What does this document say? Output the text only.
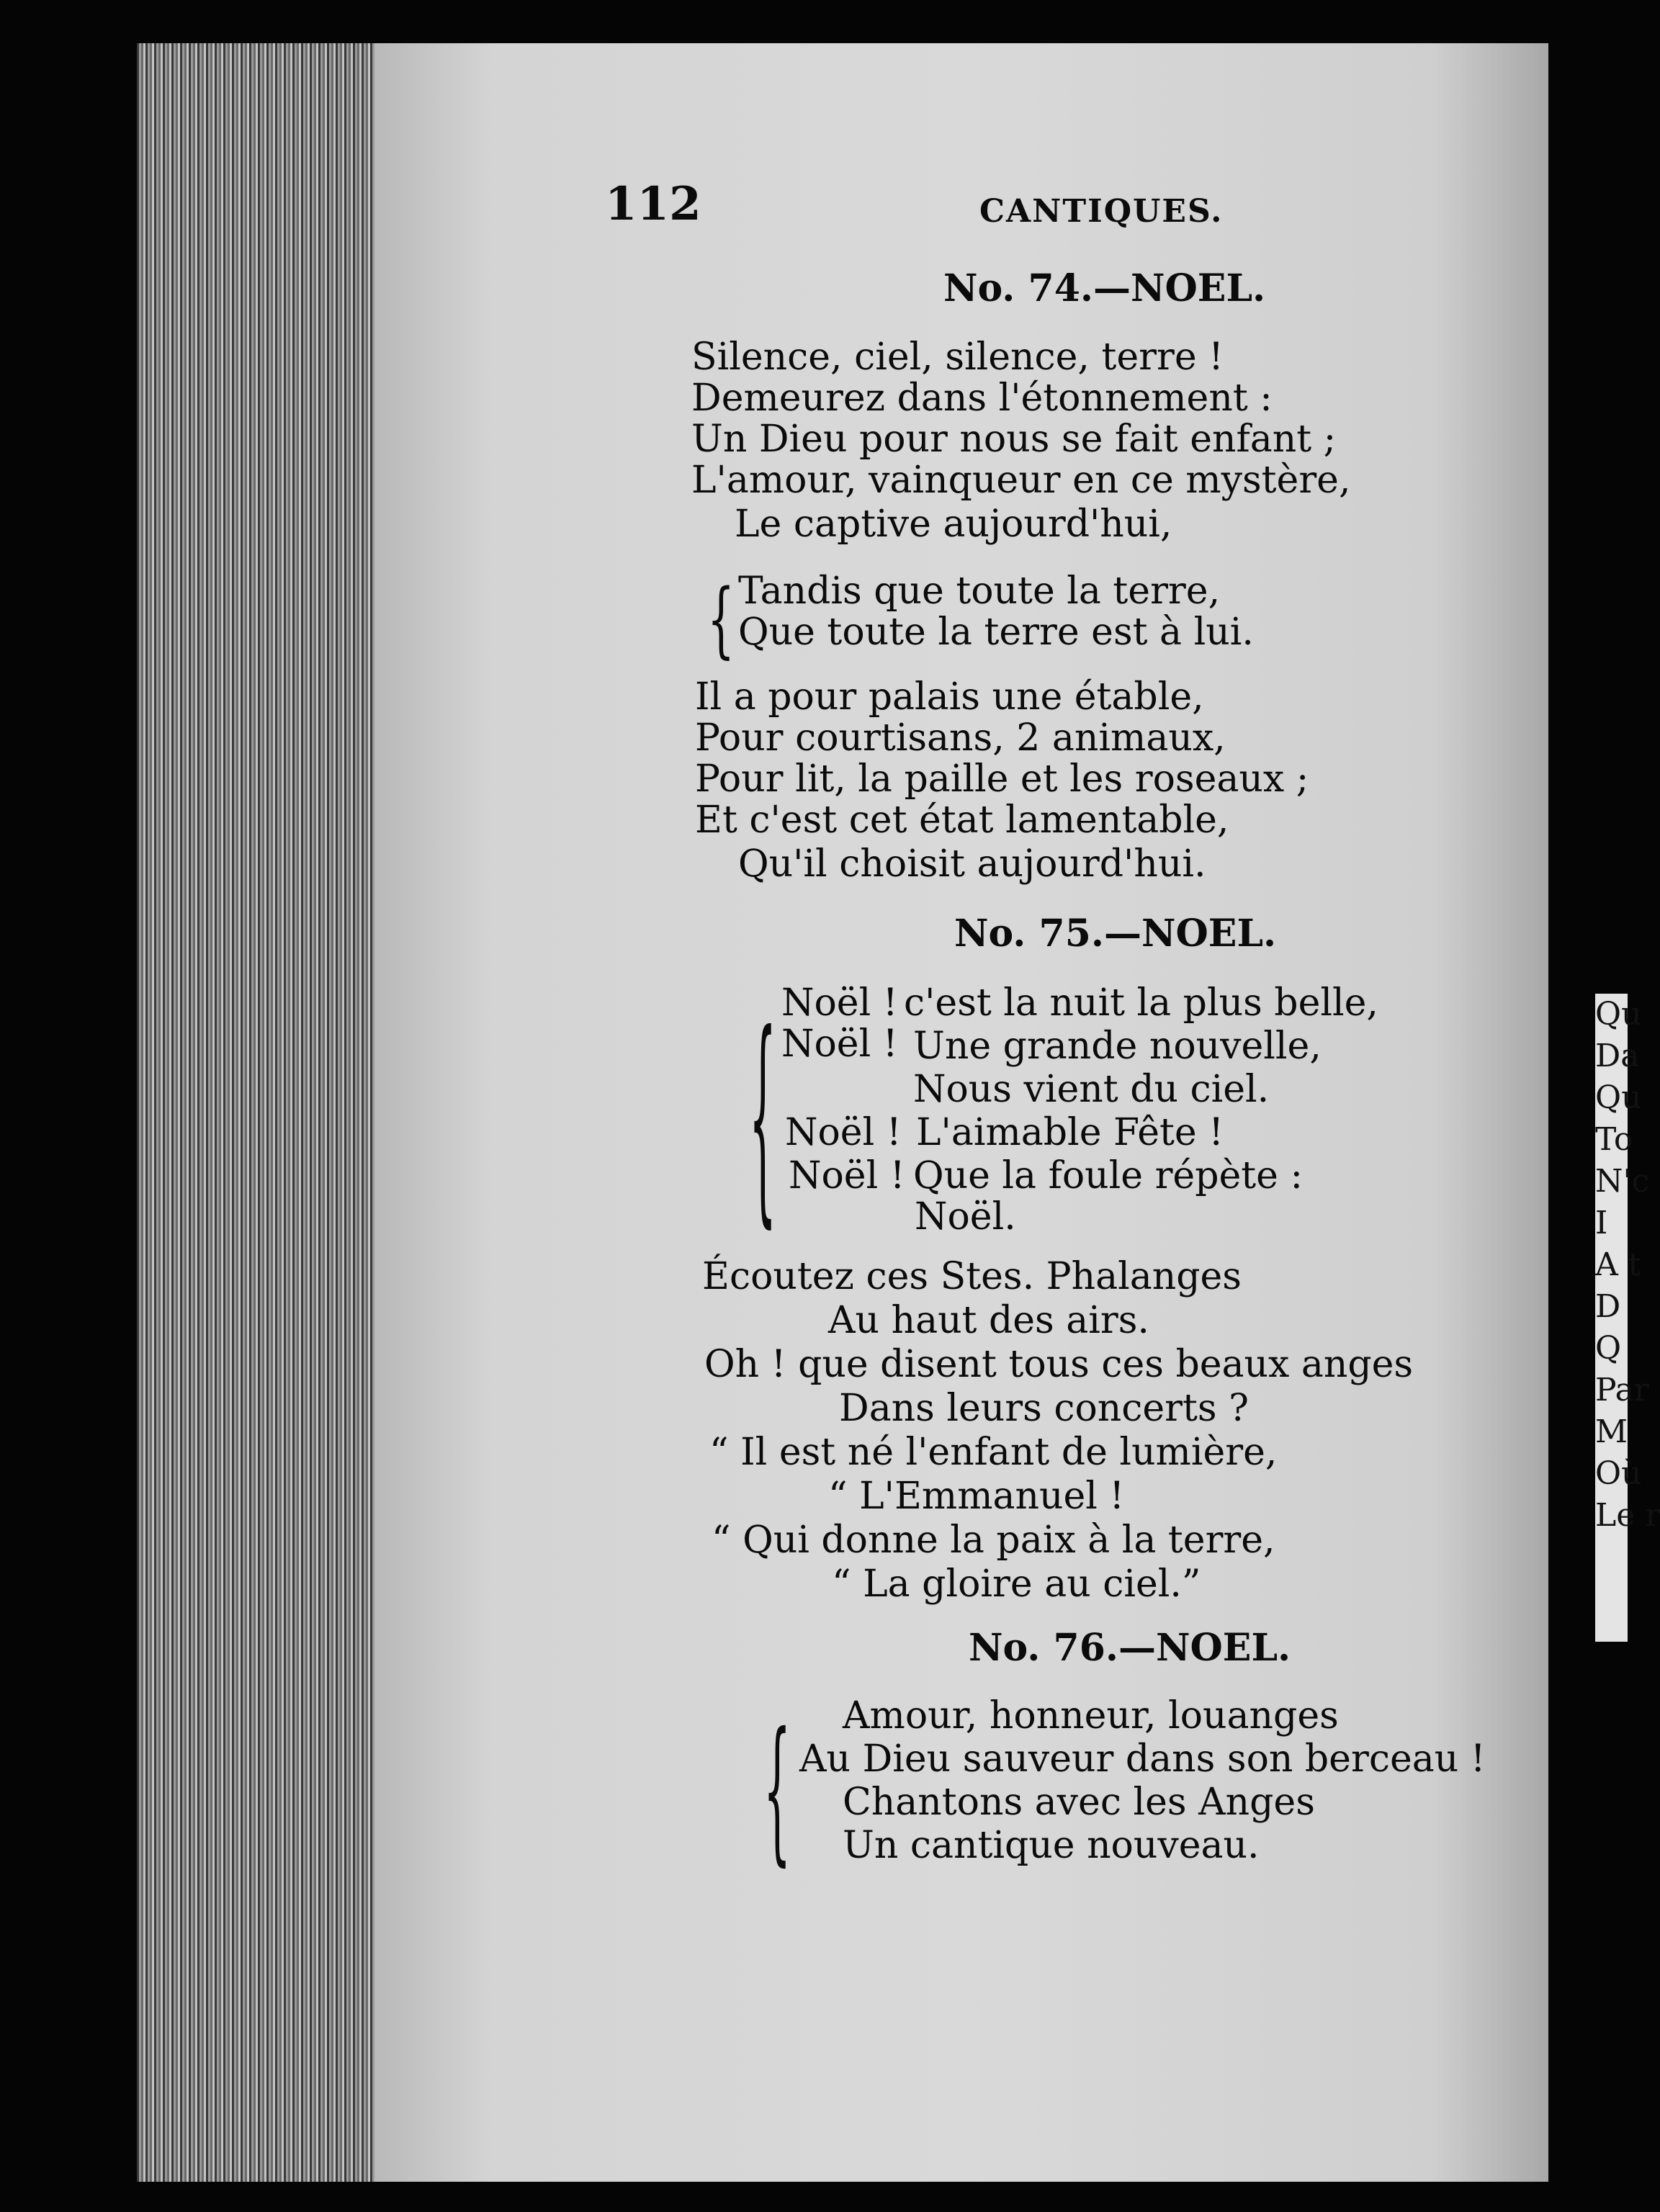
Qu
Da
Qu
To
N'c
I
A t
D
Q
Par
M
Où
Le r
112	CANTIQUES.
No. 74.—NOEL.
Silence, ciel, silence, terre !
Demeurez dans l'étonnement :
Un Dieu pour nous se fait enfant ;
L'amour, vainqueur en ce mystère,
Le captive aujourd'hui,
{ Tandis que toute la terre,
Que toute la terre est à lui.
Il a pour palais une étable,
Pour courtisans, 2 animaux,
Pour lit, la paille et les roseaux ;
Et c'est cet état lamentable,
Qu'il choisit aujourd'hui.
No. 75.—NOEL.
{ Noël ! c'est la nuit la plus belle,
Noël ! Une grande nouvelle,
Nous vient du ciel.
Noël ! L'aimable Fête !
Noël ! Que la foule répète :
Noël.
Écoutez ces Stes. Phalanges
Au haut des airs.
Oh ! que disent tous ces beaux anges
Dans leurs concerts ?
“ Il est né l'enfant de lumière,
“ L'Emmanuel !
“ Qui donne la paix à la terre,
“ La gloire au ciel.”
No. 76.—NOEL.
{ Amour, honneur, louanges
Au Dieu sauveur dans son berceau !
Chantons avec les Anges
Un cantique nouveau.
